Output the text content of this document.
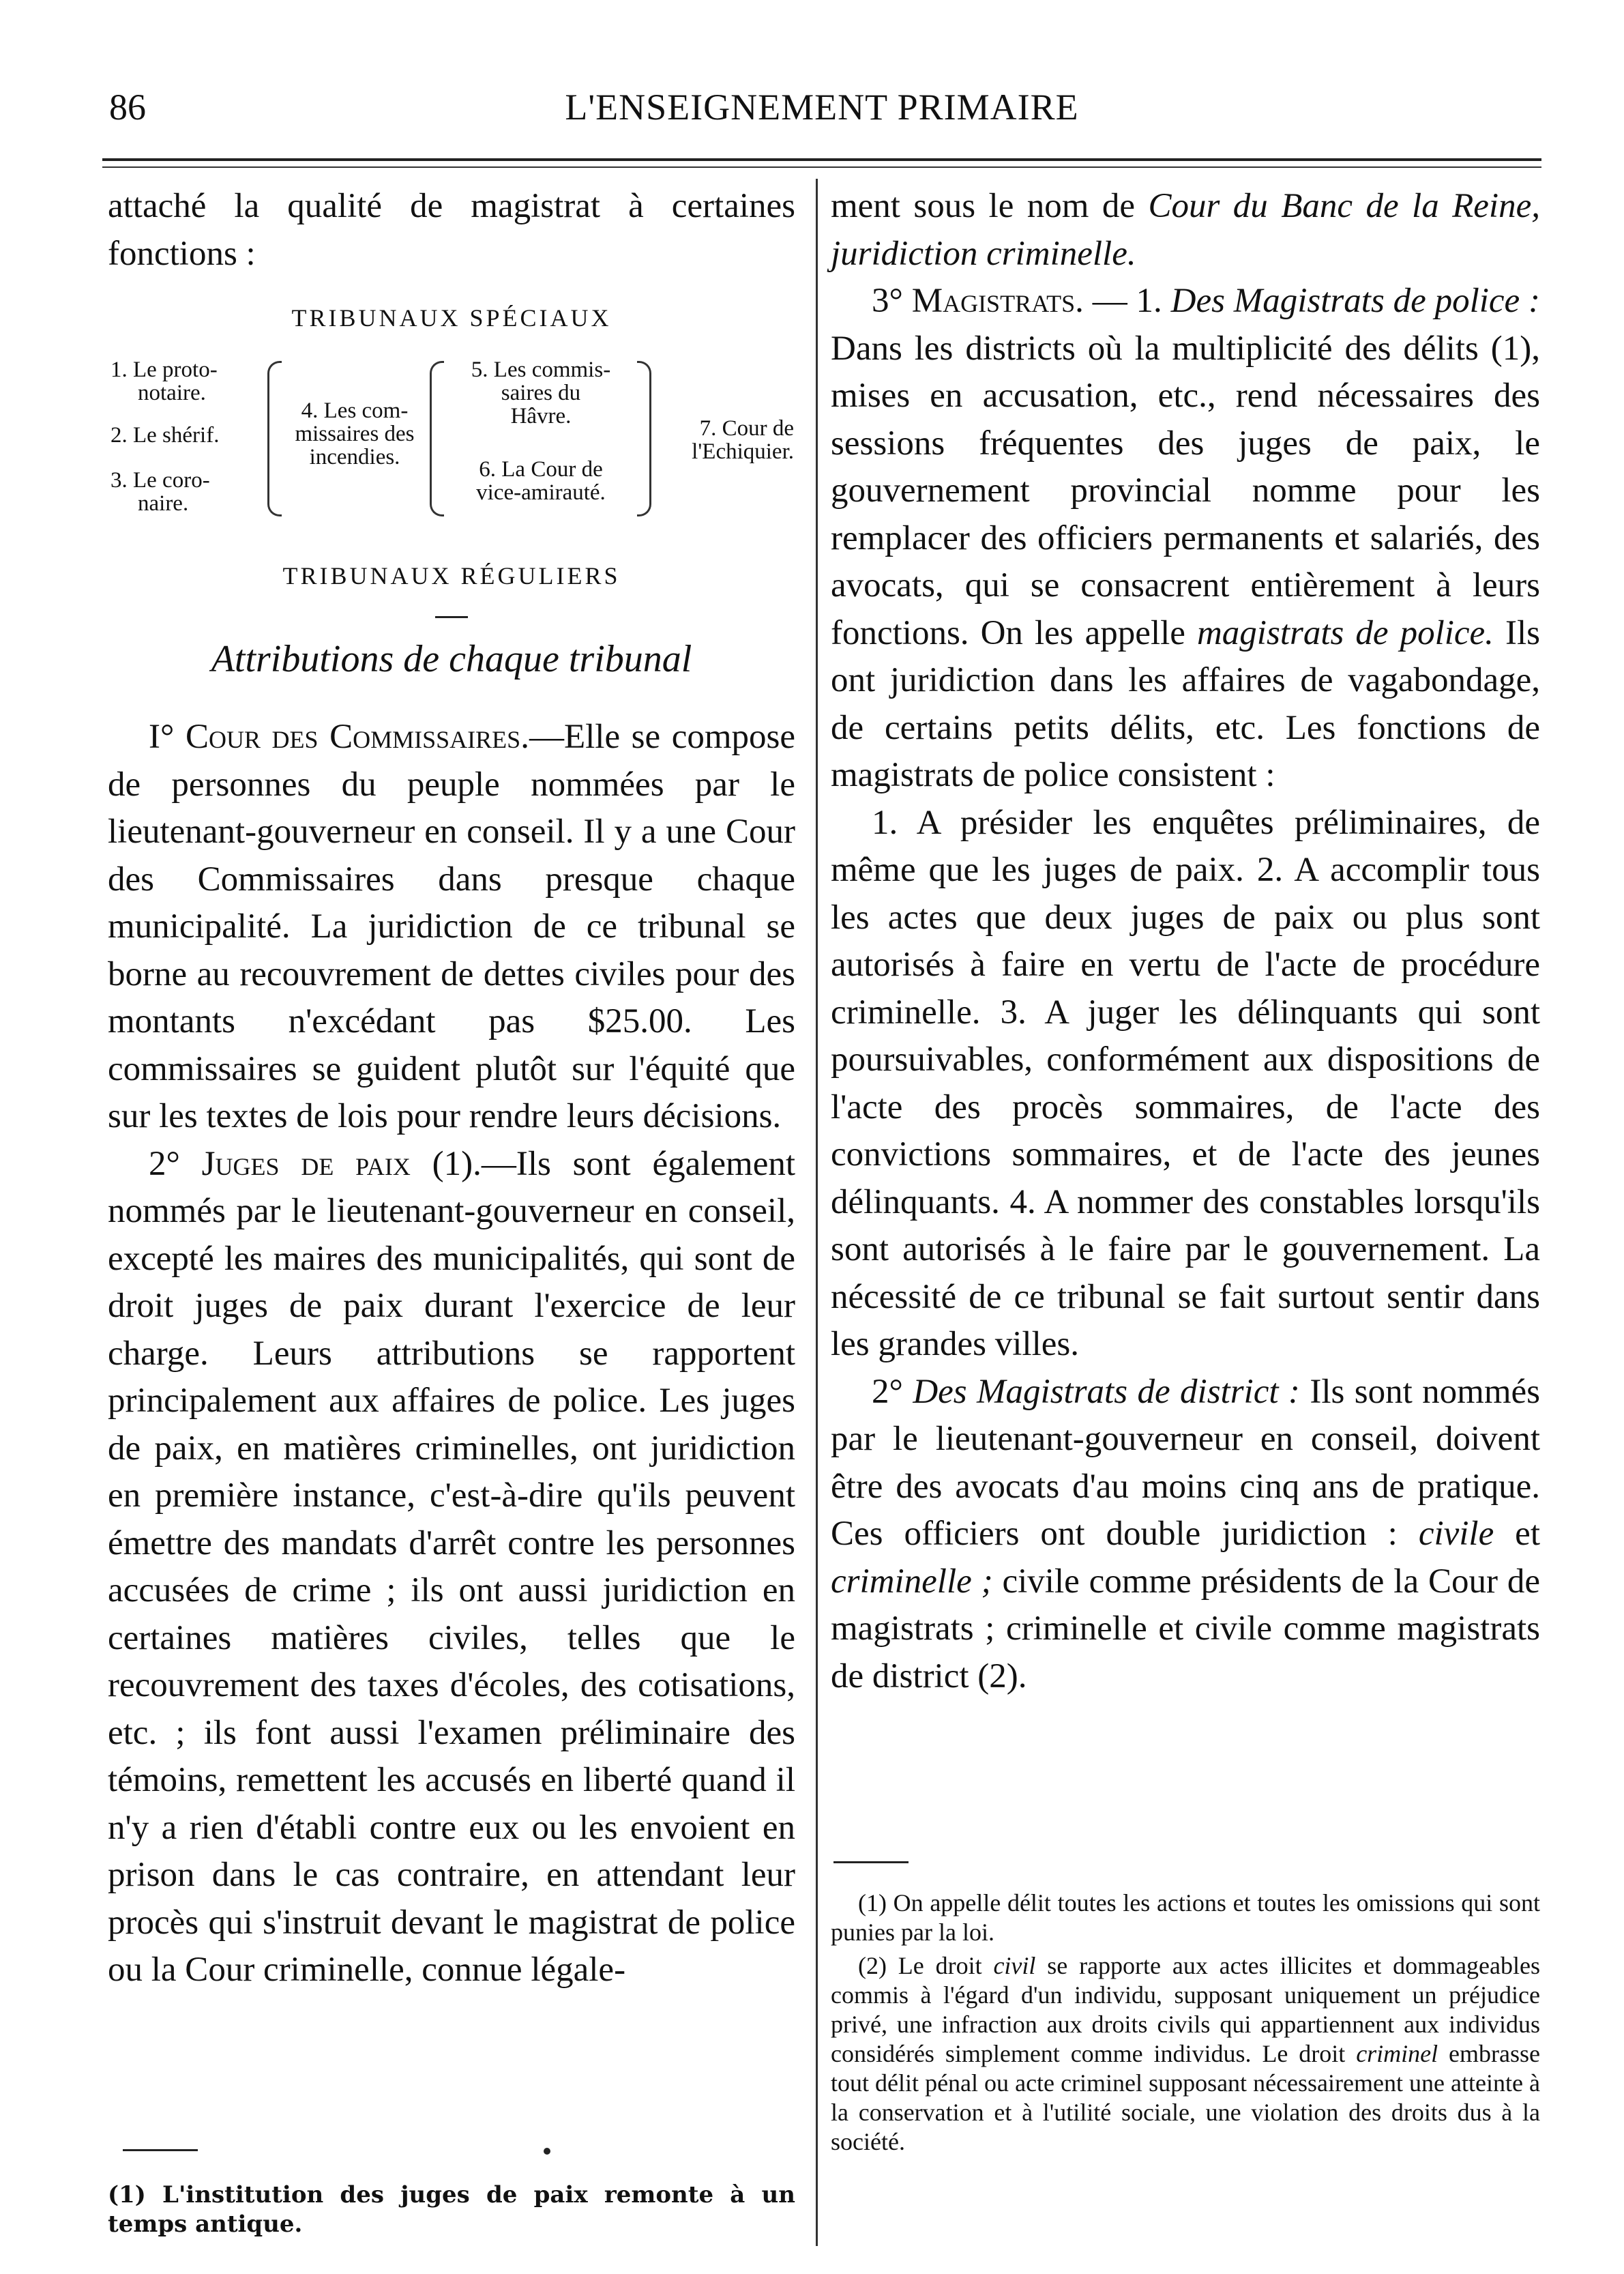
86	L'ENSEIGNEMENT PRIMAIRE

attaché la qualité de magistrat à certaines fonctions :

TRIBUNAUX SPÉCIAUX

1. Le proto-
notaire.
2. Le shérif.
3. Le coro-
naire.
4. Les com-
missaires des
incendies.
5. Les commis-
saires du
Hâvre.
6. La Cour de
vice-amirauté.
7. Cour de
l'Echiquier.

TRIBUNAUX RÉGULIERS

Attributions de chaque tribunal

I° Cour des Commissaires.—Elle se compose de personnes du peuple nommées par le lieutenant-gouverneur en conseil. Il y a une Cour des Commissaires dans presque chaque municipalité. La juridiction de ce tribunal se borne au recouvrement de dettes civiles pour des montants n'excédant pas $25.00. Les commissaires se guident plutôt sur l'équité que sur les textes de lois pour rendre leurs décisions.

2° Juges de paix (1).—Ils sont également nommés par le lieutenant-gouverneur en conseil, excepté les maires des municipalités, qui sont de droit juges de paix durant l'exercice de leur charge. Leurs attributions se rapportent principalement aux affaires de police. Les juges de paix, en matières criminelles, ont juridiction en première instance, c'est-à-dire qu'ils peuvent émettre des mandats d'arrêt contre les personnes accusées de crime ; ils ont aussi juridiction en certaines matières civiles, telles que le recouvrement des taxes d'écoles, des cotisations, etc. ; ils font aussi l'examen préliminaire des témoins, remettent les accusés en liberté quand il n'y a rien d'établi contre eux ou les envoient en prison dans le cas contraire, en attendant leur procès qui s'instruit devant le magistrat de police ou la Cour criminelle, connue légale-

(1) L'institution des juges de paix remonte à un temps antique.

ment sous le nom de Cour du Banc de la Reine, juridiction criminelle.

3° Magistrats. — 1. Des Magistrats de police : Dans les districts où la multiplicité des délits (1), mises en accusation, etc., rend nécessaires des sessions fréquentes des juges de paix, le gouvernement provincial nomme pour les remplacer des officiers permanents et salariés, des avocats, qui se consacrent entièrement à leurs fonctions. On les appelle magistrats de police. Ils ont juridiction dans les affaires de vagabondage, de certains petits délits, etc. Les fonctions de magistrats de police consistent :

1. A présider les enquêtes préliminaires, de même que les juges de paix. 2. A accomplir tous les actes que deux juges de paix ou plus sont autorisés à faire en vertu de l'acte de procédure criminelle. 3. A juger les délinquants qui sont poursuivables, conformément aux dispositions de l'acte des procès sommaires, de l'acte des convictions sommaires, et de l'acte des jeunes délinquants. 4. A nommer des constables lorsqu'ils sont autorisés à le faire par le gouvernement. La nécessité de ce tribunal se fait surtout sentir dans les grandes villes.

2° Des Magistrats de district : Ils sont nommés par le lieutenant-gouverneur en conseil, doivent être des avocats d'au moins cinq ans de pratique. Ces officiers ont double juridiction : civile et criminelle ; civile comme présidents de la Cour de magistrats ; criminelle et civile comme magistrats de district (2).

(1) On appelle délit toutes les actions et toutes les omissions qui sont punies par la loi.

(2) Le droit civil se rapporte aux actes illicites et dommageables commis à l'égard d'un individu, supposant uniquement un préjudice privé, une infraction aux droits civils qui appartiennent aux individus considérés simplement comme individus. Le droit criminel embrasse tout délit pénal ou acte criminel supposant nécessairement une atteinte à la conservation et à l'utilité sociale, une violation des droits dus à la société.
